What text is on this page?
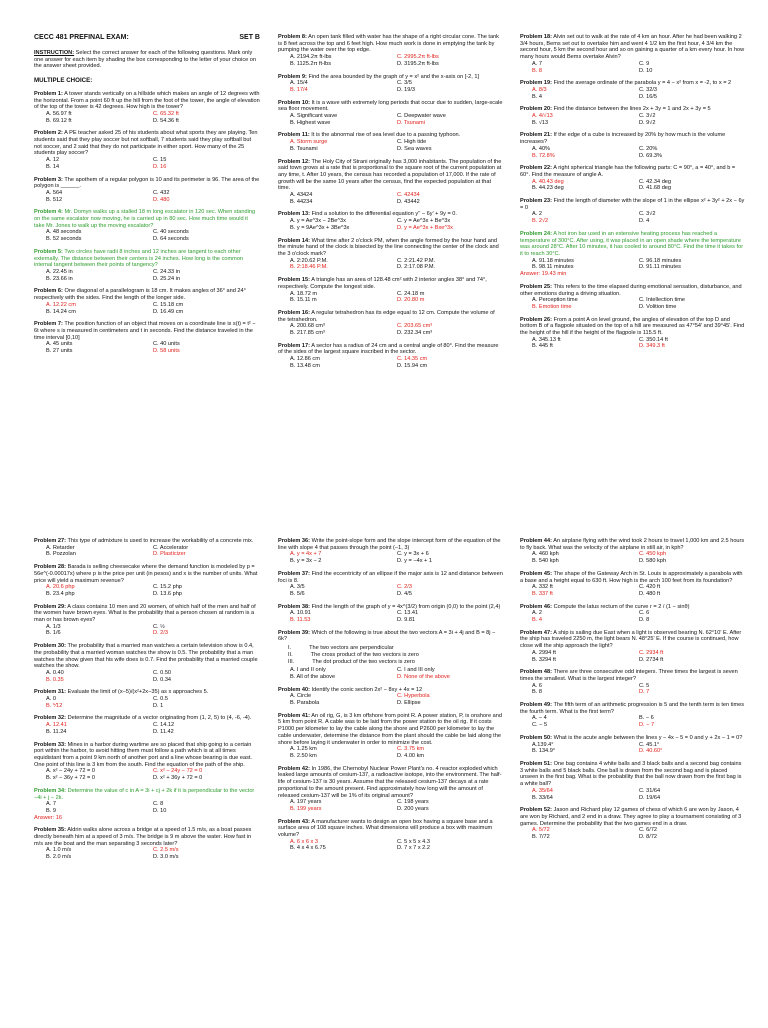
CECC 481 PREFINAL EXAM:	SET B
INSTRUCTION: Select the correct answer for each of the following questions. Mark only one answer for each item by shading the box corresponding to the letter of your choice on the answer sheet provided.
MULTIPLE CHOICE:
Problem 1: A tower stands vertically on a hillside which makes an angle of 12 degrees with the horizontal. From a point 60 ft up the hill from the foot of the tower, the angle of elevation of the top of the tower is 42 degrees. How high is the tower?
A. 56.97 ft	C. 65.32 ft
B. 69.12 ft	D. 54.36 ft
Problem 2: A PE teacher asked 25 of his students about what sports they are playing. Ten students said that they play soccer but not softball, 7 students said they play softball but not soccer, and 2 said that they do not participate in either sport. How many of the 25 students play soccer?
A. 12	C. 15
B. 14	D. 16
Problem 3: The apothem of a regular polygon is 10 and its perimeter is 96. The area of the polygon is ______.
A. 564	C. 432
B. 512	D. 480
Problem 4: Mr. Domyn walks up a stalled 18 m long escalator in 120 sec. When standing on the same escalator now moving, he is carried up in 80 sec. How much time would it take Mr. Jones to walk up the moving escalator?
A. 48 seconds	C. 40 seconds
B. 52 seconds	D. 64 seconds
Problem 5: Two circles have radii 8 inches and 12 inches are tangent to each other externally. The distance between their centers is 24 inches. How long is the common internal tangent between their points of tangency?
A. 22.45 in	C. 24.33 in
B. 23.66 in	D. 25.24 in
Problem 6: One diagonal of a parallelogram is 18 cm. It makes angles of 36° and 24° respectively with the sides. Find the length of the longer side.
A. 12.22 cm	C. 15.18 cm
B. 14.24 cm	D. 16.49 cm
Problem 7: The position function of an object that moves on a coordinate line is s(t) = t² − 6t where s is measured in centimeters and t in seconds. Find the distance traveled in the time interval [0,10]
A. 45 units	C. 40 units
B. 27 units	D. 58 units
Problem 8: An open tank filled with water has the shape of a right circular cone. The tank is 8 feet across the top and 6 feet high. How much work is done in emptying the tank by pumping the water over the top edge.
A. 2194.2π ft-lbs	C. 2995.2π ft-lbs
B. 1125.2π ft-lbs	D. 3195.2π ft-lbs
Problem 9: Find the area bounded by the graph of y = x² and the x-axis on [-2, 1]
A. 15/4	C. 3/5
B. 17/4	D. 19/3
Problem 10: It is a wave with extremely long periods that occur due to sudden, large-scale sea floor movement.
A. Significant wave	C. Deepwater wave
B. Highest wave	D. Tsunami
Problem 11: It is the abnormal rise of sea level due to a passing typhoon.
A. Storm surge	C. High tide
B. Tsunami	D. Sea waves
Problem 12: The Holy City of Strani originally has 3,000 inhabitants. The population of the said town grows at a rate that is proportional to the square root of the current population at any time, t. After 10 years, the census has recorded a population of 17,000. If the rate of growth will be the same 10 years after the census, find the expected population at that time.
A. 43424	C. 42434
B. 44234	D. 43442
Problem 13: Find a solution to the differential equation y'' − 6y' + 9y = 0.
A. y = Ae^3x − 2Be^3x	C. y = Ae^3x + Be^3x
B. y = 9Ae^3x + 3Be^3x	D. y = Ae^3x + Bxe^3x
Problem 14: What time after 2 o'clock PM, when the angle formed by the hour hand and the minute hand of the clock is bisected by the line connecting the center of the clock and the 3 o'clock mark?
A. 2:20.62 P.M.	C. 2:21.42 P.M.
B. 2:18.46 P.M.	D. 2:17.08 P.M.
Problem 15: A triangle has an area of 128.48 cm² with 2 interior angles 38° and 74°, respectively. Compute the longest side.
A. 18.72 m	C. 24.18 m
B. 15.11 m	D. 20.80 m
Problem 16: A regular tetrahedron has its edge equal to 12 cm. Compute the volume of the tetrahedron.
A. 200.68 cm³	C. 203.65 cm³
B. 217.85 cm³	D. 232.34 cm³
Problem 17: A sector has a radius of 24 cm and a central angle of 80°. Find the measure of the sides of the largest square inscribed in the sector.
A. 12.86 cm	C. 14.35 cm
B. 13.48 cm	D. 15.94 cm
Problem 18: Alvin set out to walk at the rate of 4 km an hour. After he had been walking 2 3/4 hours, Bems set out to overtake him and went 4 1/2 km the first hour, 4 3/4 km the second hour, 5 km the second hour and so on gaining a quarter of a km every hour. In how many hours would Bems overtake Alvin?
A. 7	C. 9
B. 8	D. 10
Problem 19: Find the average ordinate of the parabola y = 4 − x² from x = -2, to x = 2
A. 8/3	C. 32/3
B. 4	D. 16/5
Problem 20: Find the distance between the lines 2x + 3y = 1 and 2x + 3y = 5
A. 4/√13	C. 3√2
B. √13	D. 9√2
Problem 21: If the edge of a cube is increased by 20% by how much is the volume increases?
A. 40%	C. 20%
B. 72.8%	D. 69.3%
Problem 22: A right spherical triangle has the following parts: C = 90°, a = 40°, and b = 60°. Find the measure of angle A.
A. 40.43 deg	C. 42.34 deg
B. 44.23 deg	D. 41.68 deg
Problem 23: Find the length of diameter with the slope of 1 in the ellipse x² + 3y² + 2x − 6y = 0
A. 2	C. 3√2
B. 2√2	D. 4
Problem 24: A hot iron bar used in an extensive heating process has reached a temperature of 300°C. After using, it was placed in an open shade where the temperature was around 28°C. After 10 minutes, it has cooled to around 80°C. Find the time it takes for it to reach 30°C.
A. 91.18 minutes	C. 96.18 minutes
B. 98.11 minutes	D. 91.11 minutes
Answer: 19.43 min
Problem 25: This refers to the time elapsed during emotional sensation, disturbance, and other emotions during a driving situation.
A. Perception time	C. Intellection time
B. Emotion time	D. Volition time
Problem 26: From a point A on level ground, the angles of elevation of the top D and bottom B of a flagpole situated on the top of a hill are measured as 47°54' and 39°45'. Find the height of the hill if the height of the flagpole is 115.5 ft.
A. 345.13 ft	C. 350.14 ft
B. 445 ft	D. 349.3 ft
Problem 27: This type of admixture is used to increase the workability of a concrete mix.
A. Retarder	C. Accelerator
B. Pozzolan	D. Plasticizer
Problem 28: Barada is selling cheesecake where the demand function is modeled by p = 56e^(-0.00017x) where p is the price per unit (in pesos) and x is the number of units. What price will yield a maximum revenue?
A. 20.6 php	C. 15.2 php
B. 23.4 php	D. 13.6 php
Problem 29: A class contains 10 men and 20 women, of which half of the men and half of the women have brown eyes. What is the probability that a person chosen at random is a man or has brown eyes?
A. 1/3	C. ½
B. 1/6	D. 2/3
Problem 30: The probability that a married man watches a certain television show is 0.4, the probability that a married woman watches the show is 0.5. The probability that a man watches the show given that his wife does is 0.7. Find the probability that a married couple watches the show.
A. 0.40	C. 0.50
B. 0.35	D. 0.34
Problem 31: Evaluate the limit of (x−5)/(x²+2x−35) as x approaches 5.
A. 0	C. 0.5
B. ⅟12	D. 1
Problem 32: Determine the magnitude of a vector originating from (1, 2, 5) to (4, -6, -4).
A. 12.41	C. 14.12
B. 11.24	D. 11.42
Problem 33: Mines in a harbor during wartime are so placed that ship going to a certain port within the harbor, to avoid hitting them must follow a path which is at all times equidistant from a point 9 km north of another port and a line whose bearing is due east. One point of this line is 3 km from the south. Find the equation of the path of the ship.
A. x² − 24y + 72 = 0	C. x² − 24y − 72 = 0
B. x² − 36y + 72 = 0	D. x² + 36y + 72 = 0
Problem 34: Determine the value of c in A = 3i + cj + 2k if it is perpendicular to the vector −4i + j − 2k.
A. 7	C. 8
B. 9	D. 10
Answer: 16
Problem 35: Aldrin walks alone across a bridge at a speed of 1.5 m/s, as a boat passes directly beneath him at a speed of 3 m/s. The bridge is 9 m above the water. How fast in m/s are the boat and the man separating 3 seconds later?
A. 1.0 m/s	C. 2.5 m/s
B. 2.0 m/s	D. 3.0 m/s
Problem 36: Write the point-slope form and the slope intercept form of the equation of the line with slope 4 that passes through the point (−1, 3)
A. y = 4x + 7	C. y = 3x + 6
B. y = 3x − 2	D. y = −4x + 1
Problem 37: Find the eccentricity of an ellipse if the major axis is 12 and distance between foci is 8.
A. 3/5	C. 2/3
B. 5/6	D. 4/5
Problem 38: Find the length of the graph of y = 4x^(3/2) from origin (0,0) to the point (2,4)
A. 10.91	C. 13.41
B. 11.53	D. 9.81
Problem 39: Which of the following is true about the two vectors A = 3i + 4j and B = 8j − 6k?
I.	The two vectors are perpendicular
II.	The cross product of the two vectors is zero
III.	The dot product of the two vectors is zero
A. I and II only	C. I and III only
B. All of the above	D. None of the above
Problem 40: Identify the conic section 2x² − 8xy + 4x = 12
A. Circle	C. Hyperbola
B. Parabola	D. Ellipse
Problem 41: An oil rig, G, is 3 km offshore from point R. A power station, P, is onshore and 5 km from point R. A cable was to be laid from the power station to the oil rig. If it costs P1000 per kilometer to lay the cable along the shore and P2600 per kilometer to lay the cable underwater, determine the distance from the plant should the cable be laid along the shore before laying it underwater in order to minimize the cost.
A. 1.25 km	C. 3.75 km
B. 2.50 km	D. 4.00 km
Problem 42: In 1986, the Chernobyl Nuclear Power Plant's no. 4 reactor exploded which leaked large amounts of cesium-137, a radioactive isotope, into the environment. The half-life of cesium-137 is 30 years. Assume that the released cesium-137 decays at a rate proportional to the amount present. Find approximately how long will the amount of released cesium-137 will be 1% of its original amount?
A. 197 years	C. 198 years
B. 199 years	D. 200 years
Problem 43: A manufacturer wants to design an open box having a square base and a surface area of 108 square inches. What dimensions will produce a box with maximum volume?
A. 6 x 6 x 3	C. 5 x 5 x 4.3
B. 4 x 4 x 6.75	D. 7 x 7 x 2.2
Problem 44: An airplane flying with the wind took 2 hours to travel 1,000 km and 2.5 hours to fly back. What was the velocity of the airplane in still air, in kph?
A. 460 kph	C. 450 kph
B. 540 kph	D. 580 kph
Problem 45: The shape of the Gateway Arch in St. Louis is approximately a parabola with a base and a height equal to 630 ft. How high is the arch 100 feet from its foundation?
A. 332 ft	C. 420 ft
B. 337 ft	D. 480 ft
Problem 46: Compute the latus rectum of the curve r = 2 / (1 − sinθ)
A. 2	C. 6
B. 4	D. 8
Problem 47: A ship is sailing due East when a light is observed bearing N. 62°10' E. After the ship has traveled 2250 m, the light bears N. 48°25' E. If the course is continued, how close will the ship approach the light?
A. 2994 ft	C. 2934 ft
B. 3294 ft	D. 2734 ft
Problem 48: There are three consecutive odd integers. Three times the largest is seven times the smallest. What is the largest integer?
A. 6	C. 5
B. 8	D. 7
Problem 49: The fifth term of an arithmetic progression is 5 and the tenth term is ten times the fourth term. What is the first term?
A. − 4	B. − 6
C. − 5	D. − 7
Problem 50: What is the acute angle between the lines y − 4x − 5 = 0 and y + 2x − 1 = 0?
A.139.4°	C. 45.1°
B. 134.9°	D. 40.60°
Problem 51: One bag contains 4 white balls and 3 black balls and a second bag contains 3 white balls and 5 black balls. One ball is drawn from the second bag and is placed unseen in the first bag. What is the probability that the ball now drawn from the first bag is a white ball?
A. 35/64	C. 31/64
B. 33/64	D. 19/64
Problem 52: Jason and Richard play 12 games of chess of which 6 are won by Jason, 4 are won by Richard, and 2 end in a draw. They agree to play a tournament consisting of 3 games. Determine the probability that the two games end in a draw.
A. 5/72	C. 6/72
B. 7/72	D. 8/72
